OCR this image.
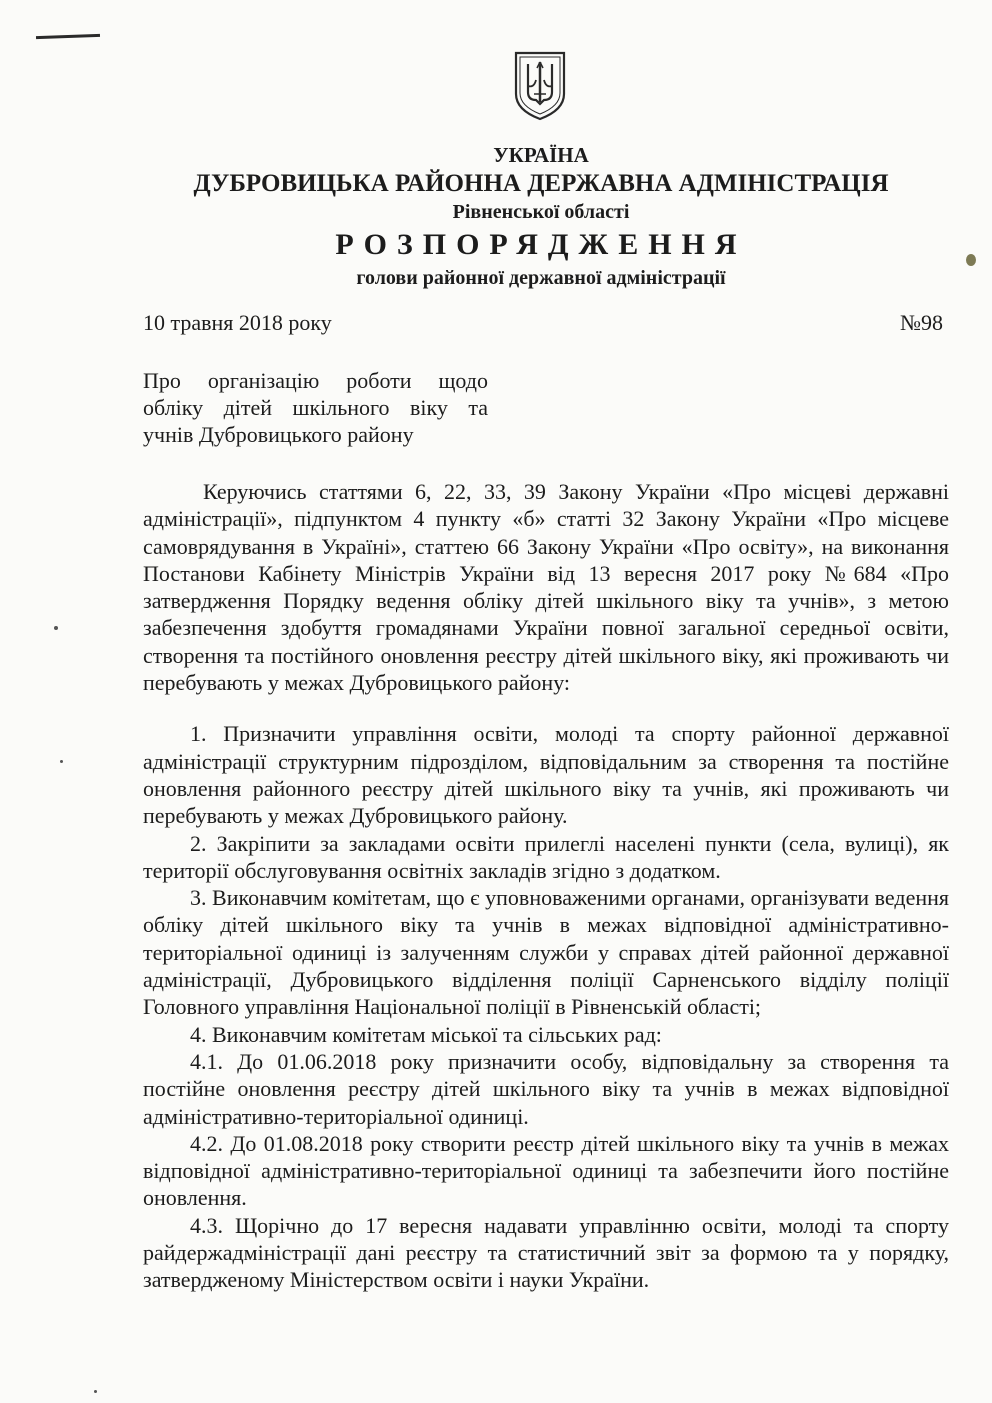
УКРАЇНА
ДУБРОВИЦЬКА РАЙОННА ДЕРЖАВНА АДМІНІСТРАЦІЯ
Рівненської області
РОЗПОРЯДЖЕННЯ
голови районної державної адміністрації
10 травня 2018 року	№98
Про організацію роботи щодо
обліку дітей шкільного віку та
учнів Дубровицького району

Керуючись статтями 6, 22, 33, 39 Закону України «Про місцеві державні адміністрації», підпунктом 4 пункту «б» статті 32 Закону України «Про місцеве самоврядування в Україні», статтею 66 Закону України «Про освіту», на виконання Постанови Кабінету Міністрів України від 13 вересня 2017 року №684 «Про затвердження Порядку ведення обліку дітей шкільного віку та учнів», з метою забезпечення здобуття громадянами України повної загальної середньої освіти, створення та постійного оновлення реєстру дітей шкільного віку, які проживають чи перебувають у межах Дубровицького району:

1. Призначити управління освіти, молоді та спорту районної державної адміністрації структурним підрозділом, відповідальним за створення та постійне оновлення районного реєстру дітей шкільного віку та учнів, які проживають чи перебувають у межах Дубровицького району.

2. Закріпити за закладами освіти прилеглі населені пункти (села, вулиці), як території обслуговування освітніх закладів згідно з додатком.

3. Виконавчим комітетам, що є уповноваженими органами, організувати ведення обліку дітей шкільного віку та учнів в межах відповідної адміністративно-територіальної одиниці із залученням служби у справах дітей районної державної адміністрації, Дубровицького відділення поліції Сарненського відділу поліції Головного управління Національної поліції в Рівненській області;

4. Виконавчим комітетам міської та сільських рад:

4.1. До 01.06.2018 року призначити особу, відповідальну за створення та постійне оновлення реєстру дітей шкільного віку та учнів в межах відповідної адміністративно-територіальної одиниці.

4.2. До 01.08.2018 року створити реєстр дітей шкільного віку та учнів в межах відповідної адміністративно-територіальної одиниці та забезпечити його постійне оновлення.

4.3. Щорічно до 17 вересня надавати управлінню освіти, молоді та спорту райдержадміністрації дані реєстру та статистичний звіт за формою та у порядку, затвердженому Міністерством освіти і науки України.
